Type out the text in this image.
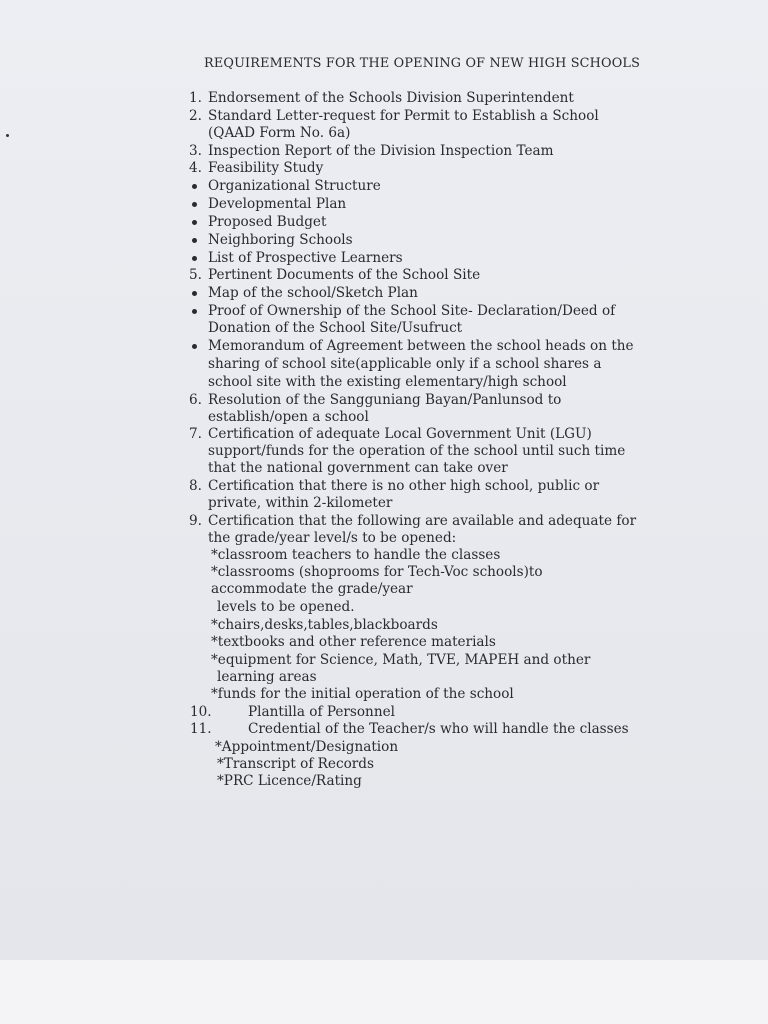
REQUIREMENTS FOR THE OPENING OF NEW HIGH SCHOOLS
1. Endorsement of the Schools Division Superintendent
2. Standard Letter-request for Permit to Establish a School
(QAAD Form No. 6a)
3. Inspection Report of the Division Inspection Team
4. Feasibility Study
Organizational Structure
Developmental Plan
Proposed Budget
Neighboring Schools
List of Prospective Learners
5. Pertinent Documents of the School Site
Map of the school/Sketch Plan
Proof of Ownership of the School Site- Declaration/Deed of
Donation of the School Site/Usufruct
Memorandum of Agreement between the school heads on the
sharing of school site(applicable only if a school shares a
school site with the existing elementary/high school
6. Resolution of the Sangguniang Bayan/Panlunsod to
establish/open a school
7. Certification of adequate Local Government Unit (LGU)
support/funds for the operation of the school until such time
that the national government can take over
8. Certification that there is no other high school, public or
private, within 2-kilometer
9. Certification that the following are available and adequate for
the grade/year level/s to be opened:
*classroom teachers to handle the classes
*classrooms (shoprooms for Tech-Voc schools)to
accommodate the grade/year
levels to be opened.
*chairs,desks,tables,blackboards
*textbooks and other reference materials
*equipment for Science, Math, TVE, MAPEH and other
learning areas
*funds for the initial operation of the school
10.	Plantilla of Personnel
11.	Credential of the Teacher/s who will handle the classes
*Appointment/Designation
*Transcript of Records
*PRC Licence/Rating
